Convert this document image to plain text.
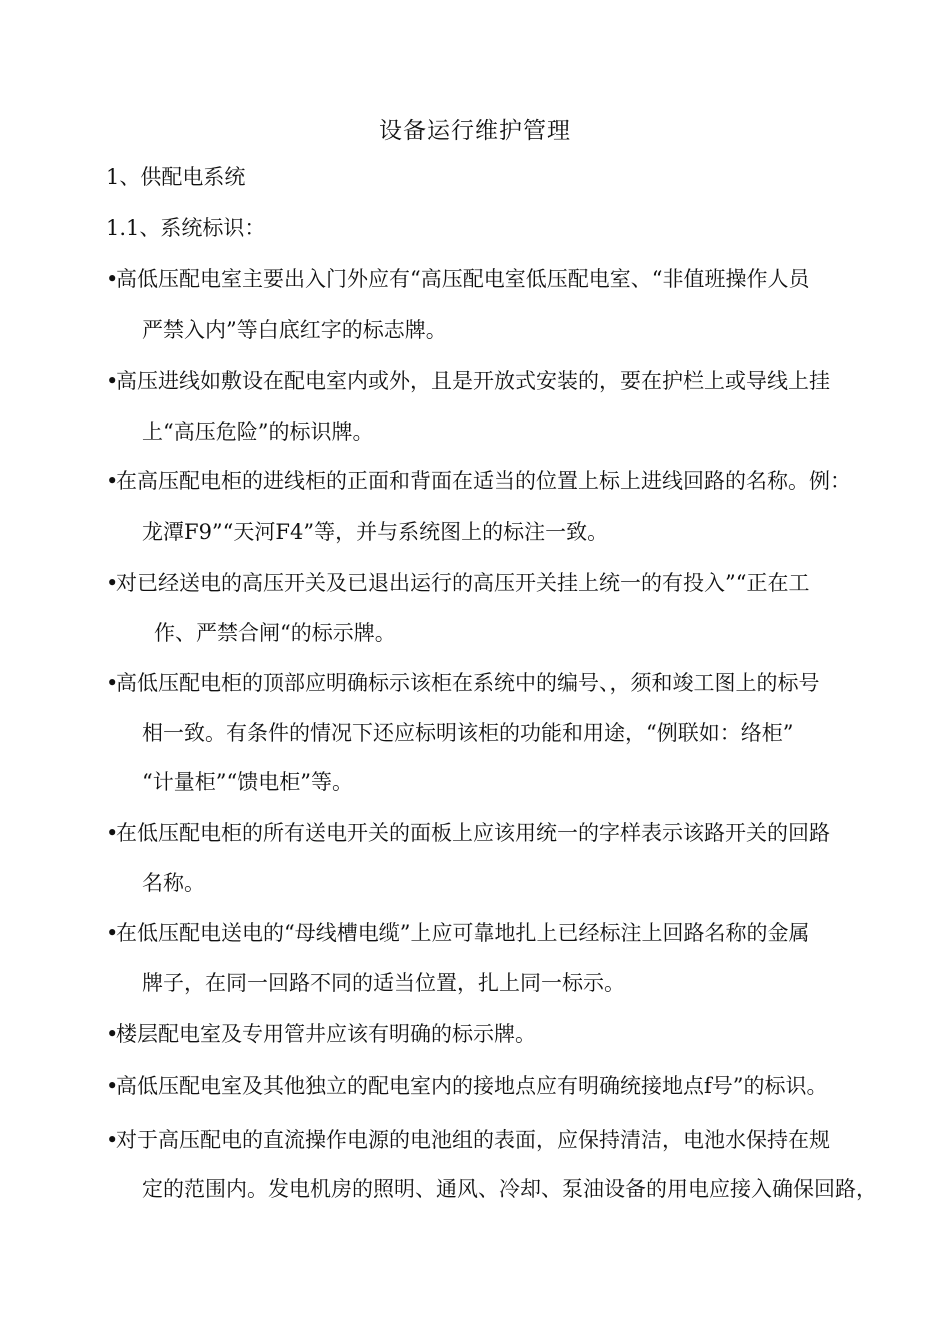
设备运行维护管理
1、供配电系统
1.1、系统标识：
•高低压配电室主要出入门外应有“高压配电室低压配电室、“非值班操作人员
严禁入内”等白底红字的标志牌。
•高压进线如敷设在配电室内或外，且是开放式安装的，要在护栏上或导线上挂
上“高压危险”的标识牌。
•在高压配电柜的进线柜的正面和背面在适当的位置上标上进线回路的名称。例：
龙潭F9”“天河F4”等，并与系统图上的标注一致。
•对已经送电的高压开关及已退出运行的高压开关挂上统一的有投入”“正在工
作、严禁合闸“的标示牌。
•高低压配电柜的顶部应明确标示该柜在系统中的编号、，须和竣工图上的标号
相一致。有条件的情况下还应标明该柜的功能和用途，“例联如：络柜”
“计量柜”“馈电柜”等。
•在低压配电柜的所有送电开关的面板上应该用统一的字样表示该路开关的回路
名称。
•在低压配电送电的“母线槽电缆”上应可靠地扎上已经标注上回路名称的金属
牌子，在同一回路不同的适当位置，扎上同一标示。
•楼层配电室及专用管井应该有明确的标示牌。
•高低压配电室及其他独立的配电室内的接地点应有明确统接地点f号”的标识。
•对于高压配电的直流操作电源的电池组的表面，应保持清洁，电池水保持在规
定的范围内。发电机房的照明、通风、冷却、泵油设备的用电应接入确保回路，
